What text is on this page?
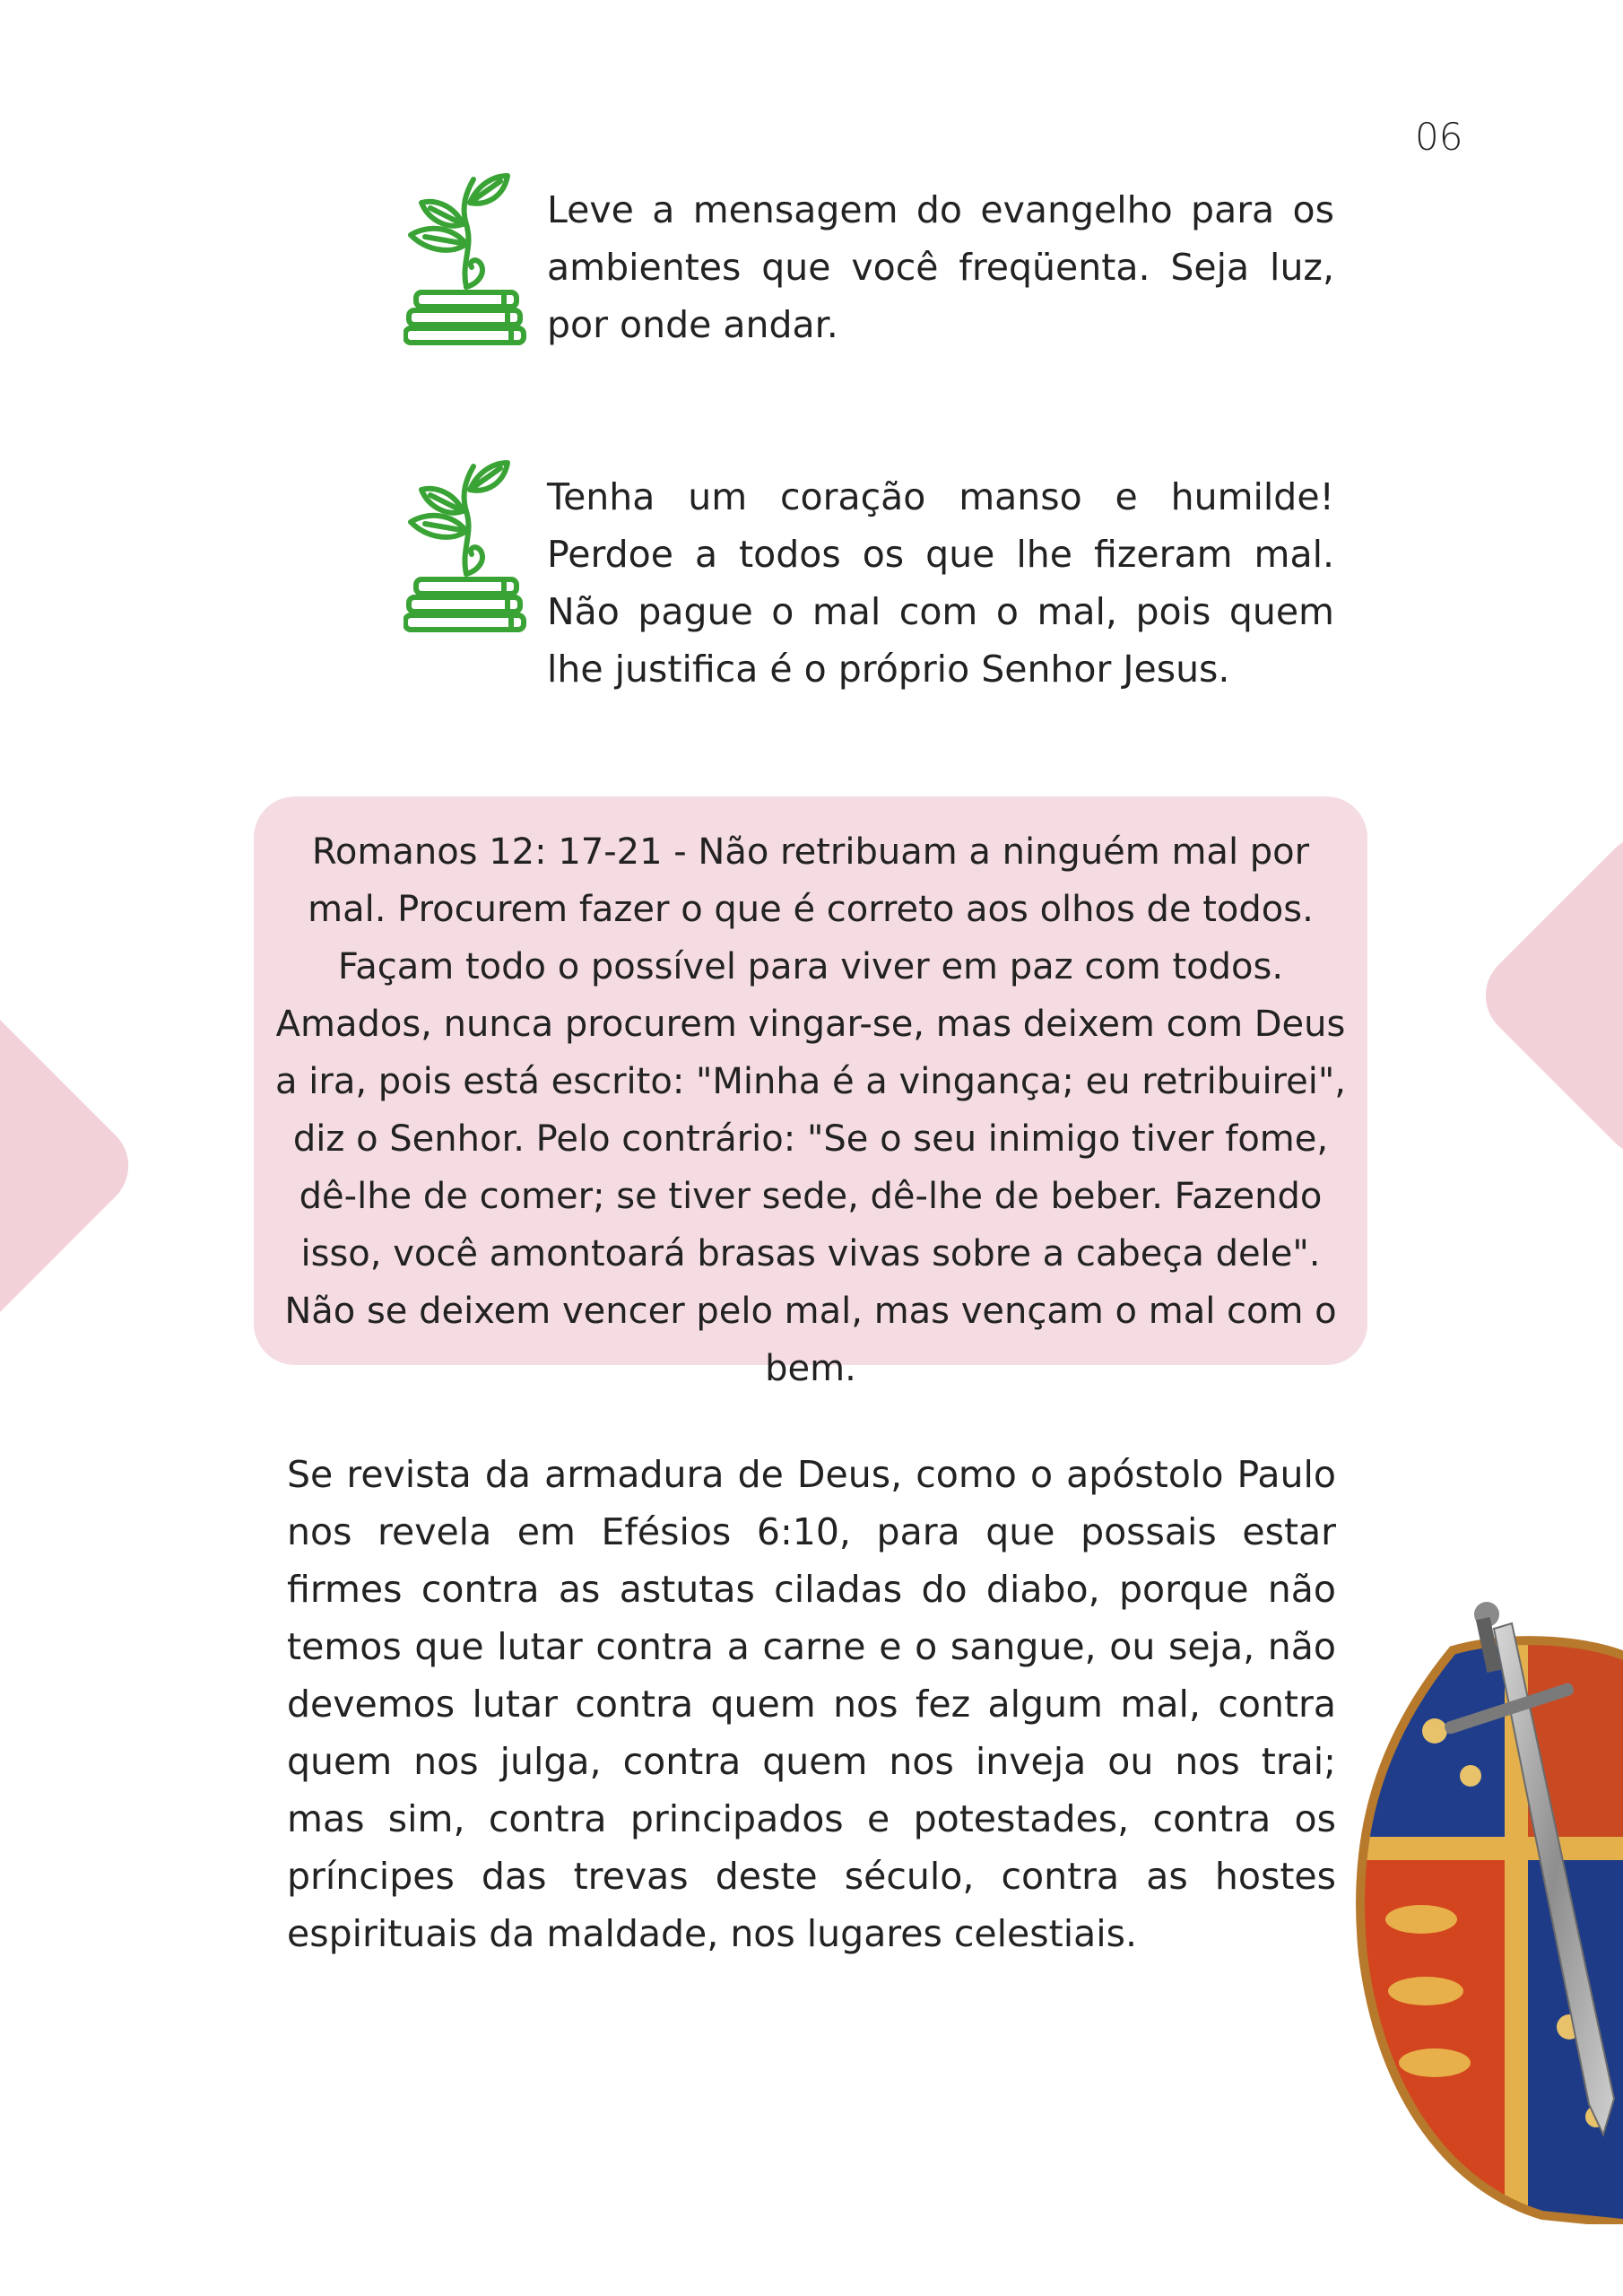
06
Leve a mensagem do evangelho para os ambientes que você freqüenta. Seja luz, por onde andar.
Tenha um coração manso e humilde! Perdoe a todos os que lhe fizeram mal. Não pague o mal com o mal, pois quem lhe justifica é o próprio Senhor Jesus.

Romanos 12: 17-21 - Não retribuam a ninguém mal por mal. Procurem fazer o que é correto aos olhos de todos. Façam todo o possível para viver em paz com todos. Amados, nunca procurem vingar-se, mas deixem com Deus a ira, pois está escrito: "Minha é a vingança; eu retribuirei", diz o Senhor. Pelo contrário: "Se o seu inimigo tiver fome, dê-lhe de comer; se tiver sede, dê-lhe de beber. Fazendo isso, você amontoará brasas vivas sobre a cabeça dele". Não se deixem vencer pelo mal, mas vençam o mal com o bem.

Se revista da armadura de Deus, como o apóstolo Paulo nos revela em Efésios 6:10, para que possais estar firmes contra as astutas ciladas do diabo, porque não temos que lutar contra a carne e o sangue, ou seja, não devemos lutar contra quem nos fez algum mal, contra quem nos julga, contra quem nos inveja ou nos trai; mas sim, contra principados e potestades, contra os príncipes das trevas deste século, contra as hostes espirituais da maldade, nos lugares celestiais.
